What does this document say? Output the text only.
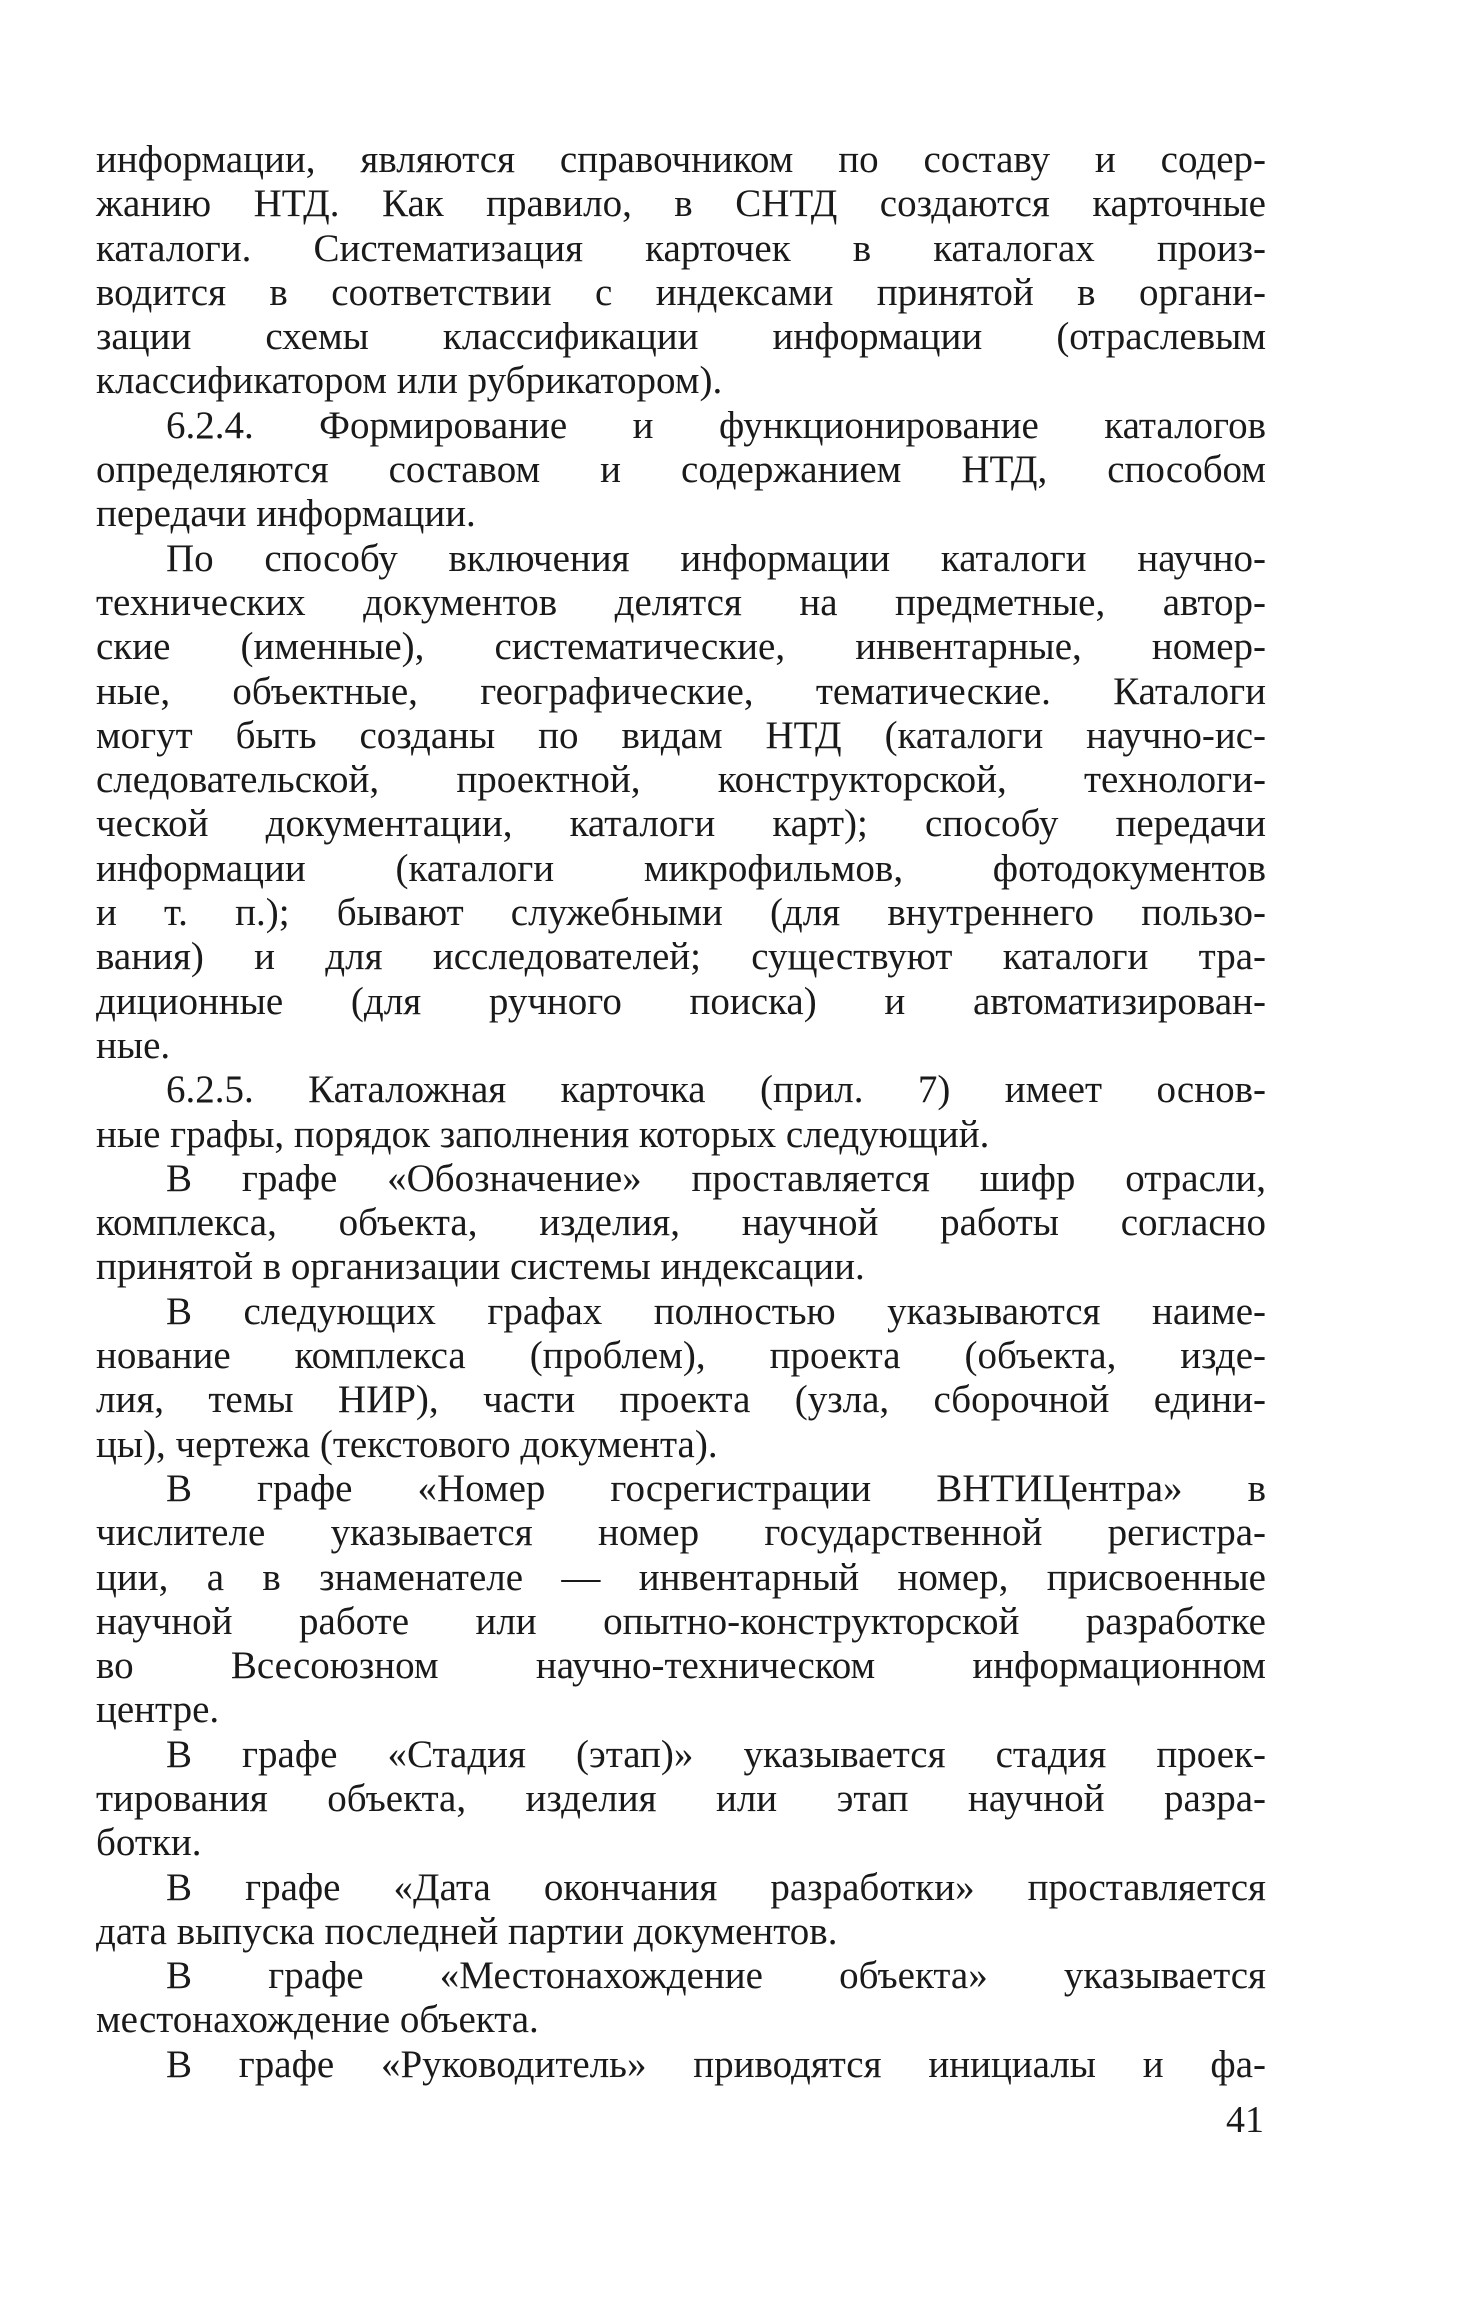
информации, являются справочником по составу и содер-
жанию НТД. Как правило, в СНТД создаются карточные
каталоги. Систематизация карточек в каталогах произ-
водится в соответствии с индексами принятой в органи-
зации схемы классификации информации (отраслевым
классификатором или рубрикатором).
6.2.4. Формирование и функционирование каталогов
определяются составом и содержанием НТД, способом
передачи информации.
По способу включения информации каталоги научно-
технических документов делятся на предметные, автор-
ские (именные), систематические, инвентарные, номер-
ные, объектные, географические, тематические. Каталоги
могут быть созданы по видам НТД (каталоги научно-ис-
следовательской, проектной, конструкторской, технологи-
ческой документации, каталоги карт); способу передачи
информации (каталоги микрофильмов, фотодокументов
и т. п.); бывают служебными (для внутреннего пользо-
вания) и для исследователей; существуют каталоги тра-
диционные (для ручного поиска) и автоматизирован-
ные.
6.2.5. Каталожная карточка (прил. 7) имеет основ-
ные графы, порядок заполнения которых следующий.
В графе «Обозначение» проставляется шифр отрасли,
комплекса, объекта, изделия, научной работы согласно
принятой в организации системы индексации.
В следующих графах полностью указываются наиме-
нование комплекса (проблем), проекта (объекта, изде-
лия, темы НИР), части проекта (узла, сборочной едини-
цы), чертежа (текстового документа).
В графе «Номер госрегистрации ВНТИЦентра» в
числителе указывается номер государственной регистра-
ции, а в знаменателе — инвентарный номер, присвоенные
научной работе или опытно-конструкторской разработке
во Всесоюзном научно-техническом информационном
центре.
В графе «Стадия (этап)» указывается стадия проек-
тирования объекта, изделия или этап научной разра-
ботки.
В графе «Дата окончания разработки» проставляется
дата выпуска последней партии документов.
В графе «Местонахождение объекта» указывается
местонахождение объекта.
В графе «Руководитель» приводятся инициалы и фа-
41
